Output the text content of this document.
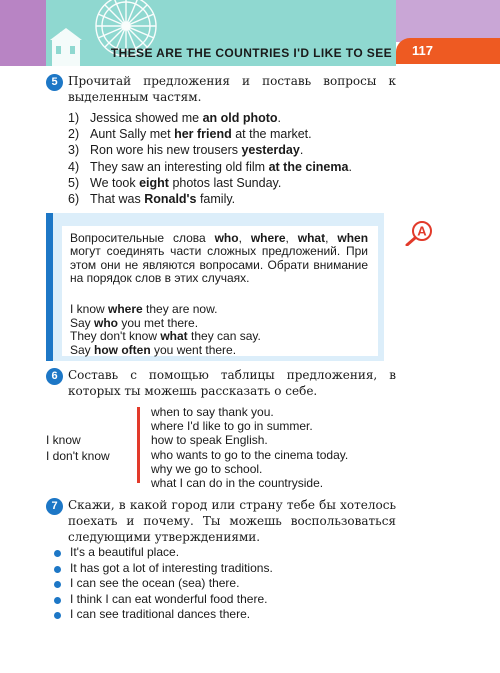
THESE ARE THE COUNTRIES I'D LIKE TO SEE	117
5 Прочитай предложения и поставь вопросы к выделенным частям.
1) Jessica showed me an old photo.
2) Aunt Sally met her friend at the market.
3) Ron wore his new trousers yesterday.
4) They saw an interesting old film at the cinema.
5) We took eight photos last Sunday.
6) That was Ronald's family.
Вопросительные слова who, where, what, when могут соединять части сложных предложений. При этом они не являются вопросами. Обрати внимание на порядок слов в этих случаях.
I know where they are now.
Say who you met there.
They don't know what they can say.
Say how often you went there.
A
6 Составь с помощью таблицы предложения, в которых ты можешь рассказать о себе.
I know
I don't know
when to say thank you.
where I'd like to go in summer.
how to speak English.
who wants to go to the cinema today.
why we go to school.
what I can do in the countryside.
7 Скажи, в какой город или страну тебе бы хотелось поехать и почему. Ты можешь воспользоваться следующими утверждениями.
It's a beautiful place.
It has got a lot of interesting traditions.
I can see the ocean (sea) there.
I think I can eat wonderful food there.
I can see traditional dances there.
